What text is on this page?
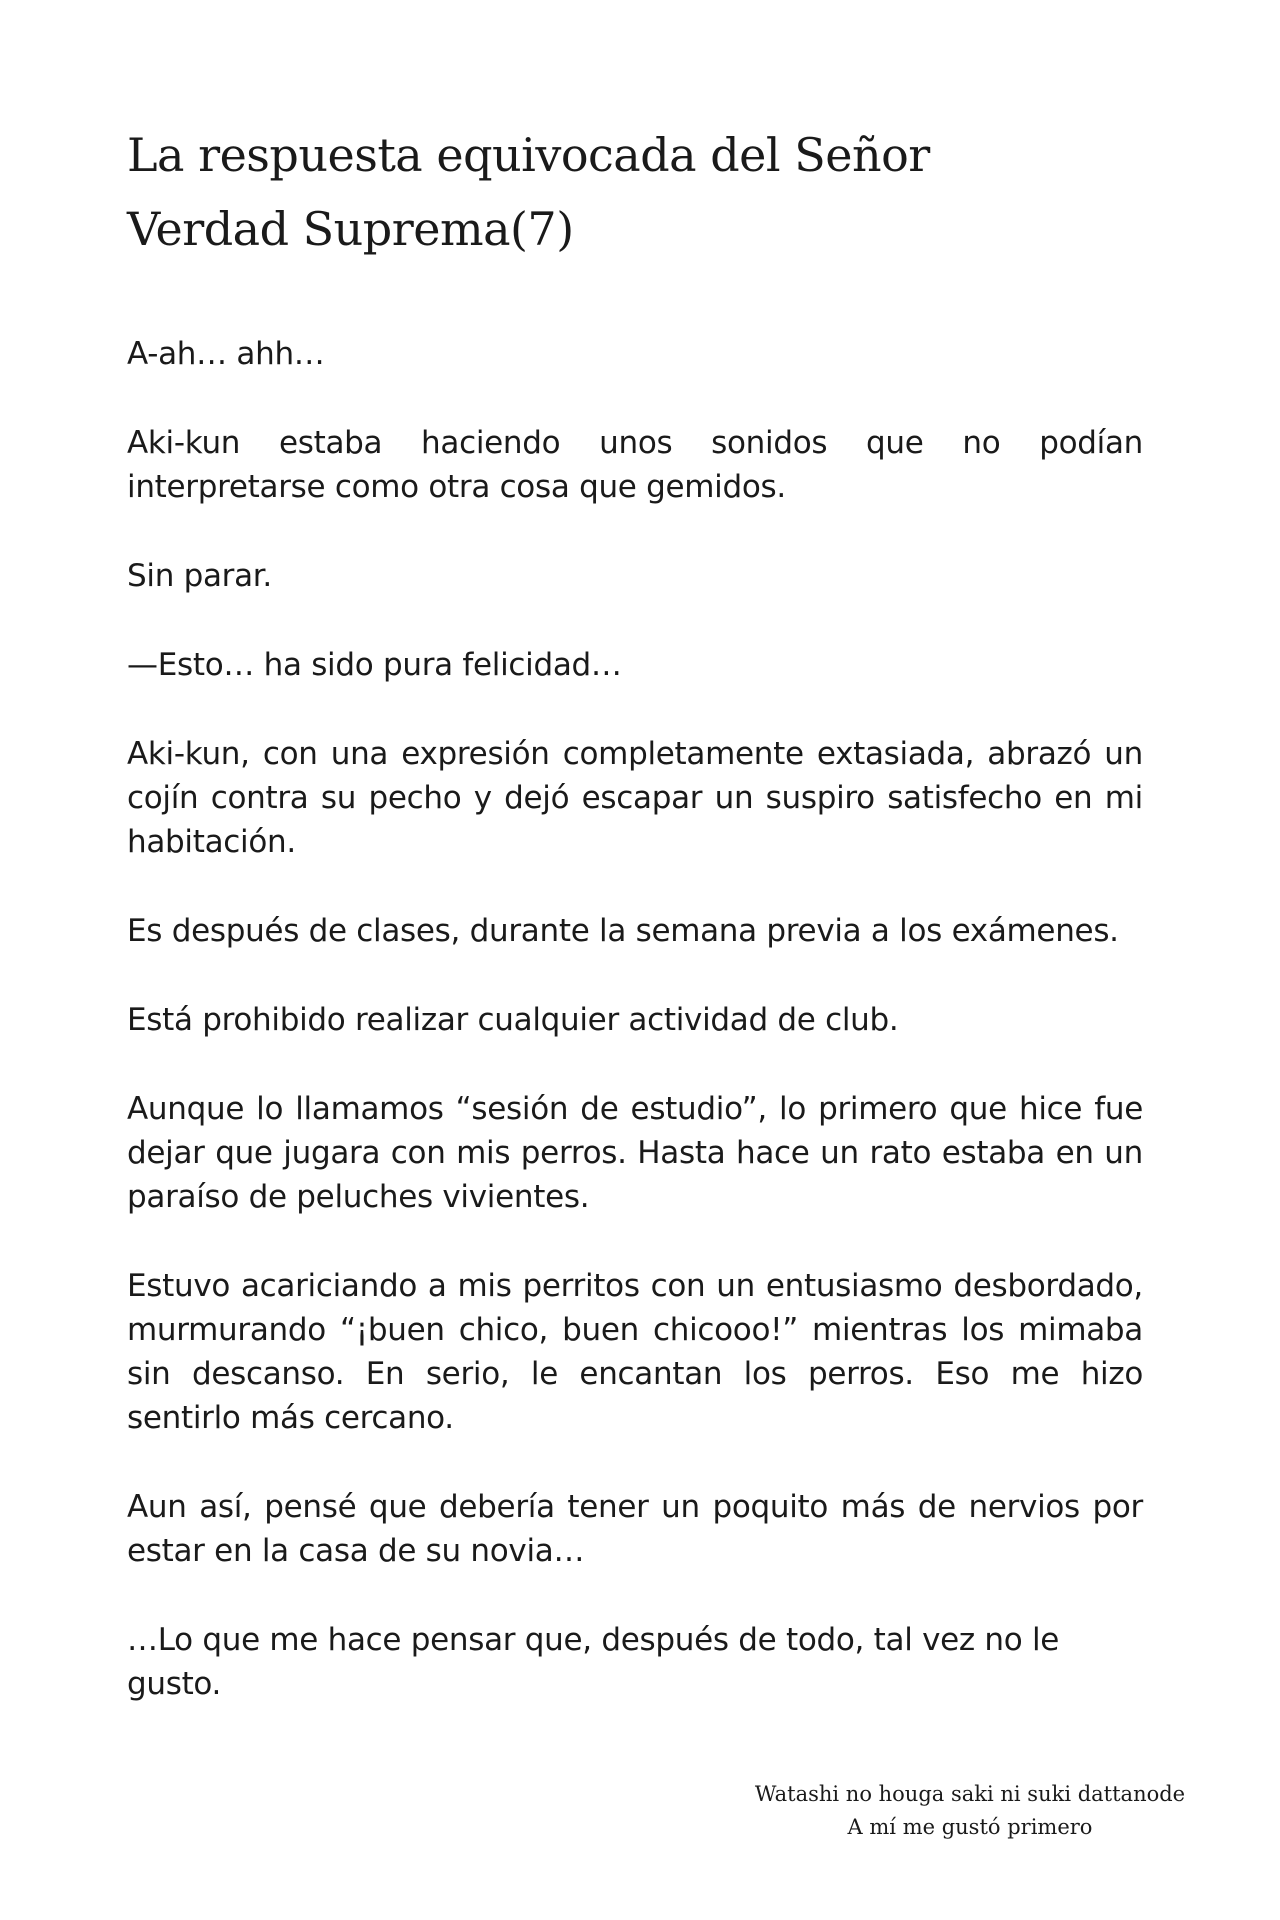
La respuesta equivocada del Señor Verdad Suprema(7)

A-ah… ahh…

Aki-kun estaba haciendo unos sonidos que no podían interpretarse como otra cosa que gemidos.

Sin parar.

—Esto… ha sido pura felicidad…

Aki-kun, con una expresión completamente extasiada, abrazó un cojín contra su pecho y dejó escapar un suspiro satisfecho en mi habitación.

Es después de clases, durante la semana previa a los exámenes.

Está prohibido realizar cualquier actividad de club.

Aunque lo llamamos “sesión de estudio”, lo primero que hice fue dejar que jugara con mis perros. Hasta hace un rato estaba en un paraíso de peluches vivientes.

Estuvo acariciando a mis perritos con un entusiasmo desbordado, murmurando “¡buen chico, buen chicooo!” mientras los mimaba sin descanso. En serio, le encantan los perros. Eso me hizo sentirlo más cercano.

Aun así, pensé que debería tener un poquito más de nervios por estar en la casa de su novia…

…Lo que me hace pensar que, después de todo, tal vez no le gusto.

Watashi no houga saki ni suki dattanode
A mí me gustó primero
